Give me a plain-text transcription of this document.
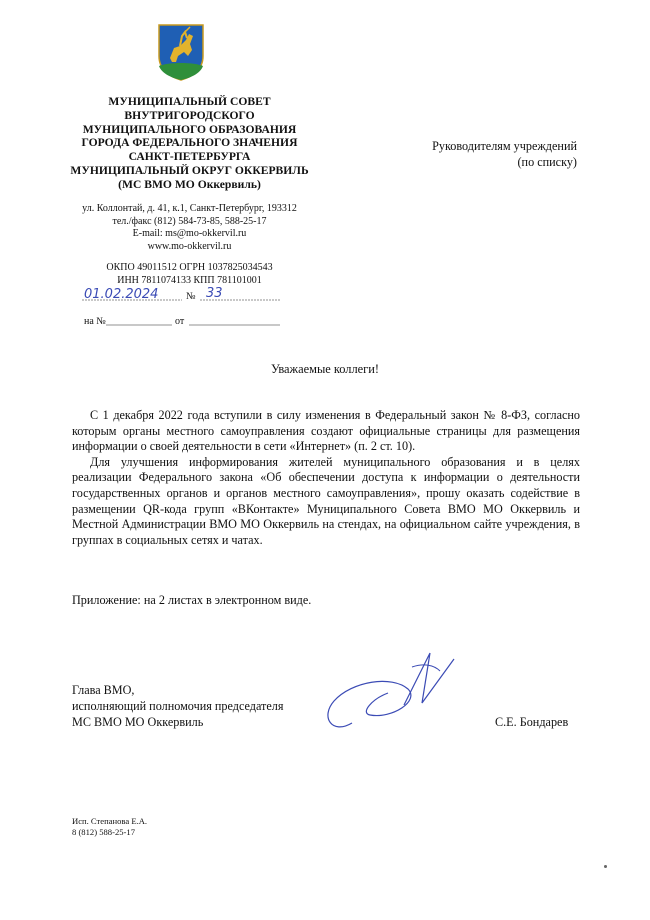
МУНИЦИПАЛЬНЫЙ СОВЕТ
ВНУТРИГОРОДСКОГО
МУНИЦИПАЛЬНОГО ОБРАЗОВАНИЯ
ГОРОДА ФЕДЕРАЛЬНОГО ЗНАЧЕНИЯ
САНКТ-ПЕТЕРБУРГА
МУНИЦИПАЛЬНЫЙ ОКРУГ ОККЕРВИЛЬ
(МС ВМО МО Оккервиль)
ул. Коллонтай, д. 41, к.1, Санкт-Петербург, 193312
тел./факс (812) 584-73-85, 588-25-17
E-mail: ms@mo-okkervil.ru
www.mo-okkervil.ru
ОКПО 49011512 ОГРН 1037825034543
ИНН 7811074133 КПП 781101001
01.02.2024	№ 33
на №	от
Руководителям учреждений
(по списку)
Уважаемые коллеги!

С 1 декабря 2022 года вступили в силу изменения в Федеральный закон № 8-ФЗ, согласно которым органы местного самоуправления создают официальные страницы для размещения информации о своей деятельности в сети «Интернет» (п. 2 ст. 10).

Для улучшения информирования жителей муниципального образования и в целях реализации Федерального закона «Об обеспечении доступа к информации о деятельности государственных органов и органов местного самоуправления», прошу оказать содействие в размещении QR-кода групп «ВКонтакте» Муниципального Совета ВМО МО Оккервиль и Местной Администрации ВМО МО Оккервиль на стендах, на официальном сайте учреждения, в группах в социальных сетях и чатах.

Приложение: на 2 листах в электронном виде.
Глава ВМО,
исполняющий полномочия председателя
МС ВМО МО Оккервиль	С.Е. Бондарев
Исп. Степанова Е.А.
8 (812) 588-25-17
